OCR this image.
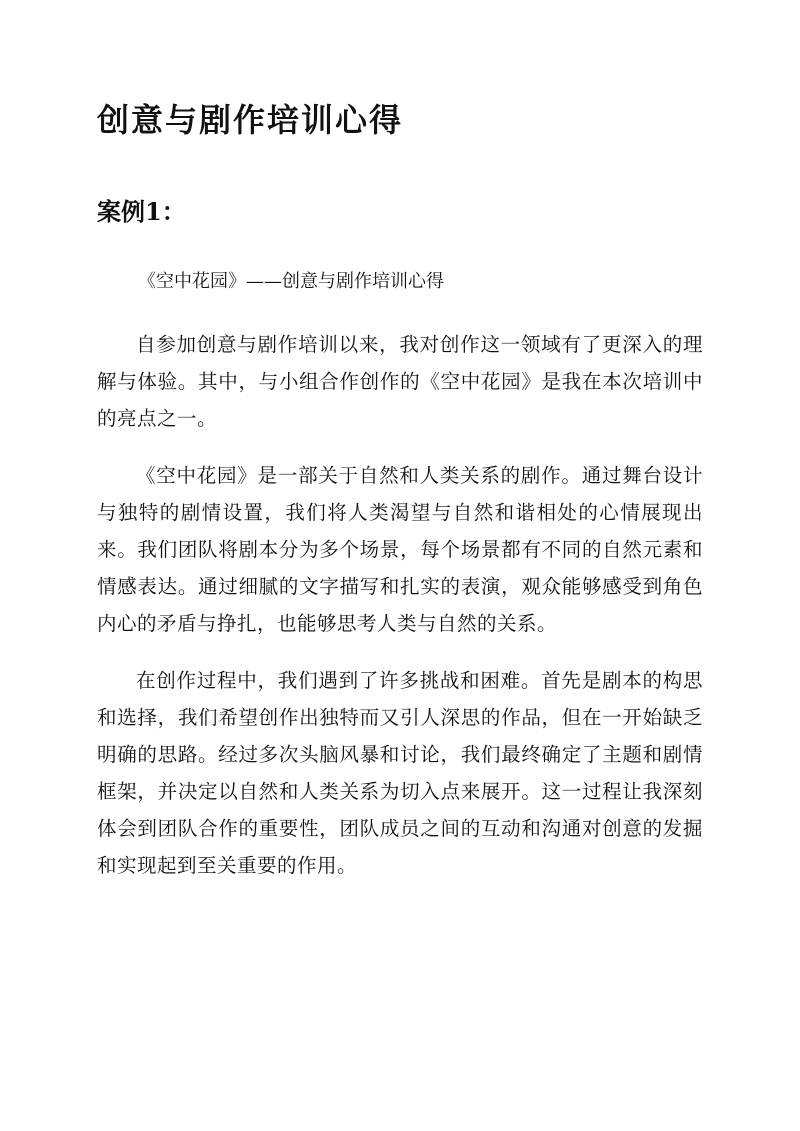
创意与剧作培训心得
案例1：

《空中花园》——创意与剧作培训心得

自参加创意与剧作培训以来，我对创作这一领域有了更深入的理解与体验。其中，与小组合作创作的《空中花园》是我在本次培训中的亮点之一。

《空中花园》是一部关于自然和人类关系的剧作。通过舞台设计与独特的剧情设置，我们将人类渴望与自然和谐相处的心情展现出来。我们团队将剧本分为多个场景，每个场景都有不同的自然元素和情感表达。通过细腻的文字描写和扎实的表演，观众能够感受到角色内心的矛盾与挣扎，也能够思考人类与自然的关系。

在创作过程中，我们遇到了许多挑战和困难。首先是剧本的构思和选择，我们希望创作出独特而又引人深思的作品，但在一开始缺乏明确的思路。经过多次头脑风暴和讨论，我们最终确定了主题和剧情框架，并决定以自然和人类关系为切入点来展开。这一过程让我深刻体会到团队合作的重要性，团队成员之间的互动和沟通对创意的发掘和实现起到至关重要的作用。
